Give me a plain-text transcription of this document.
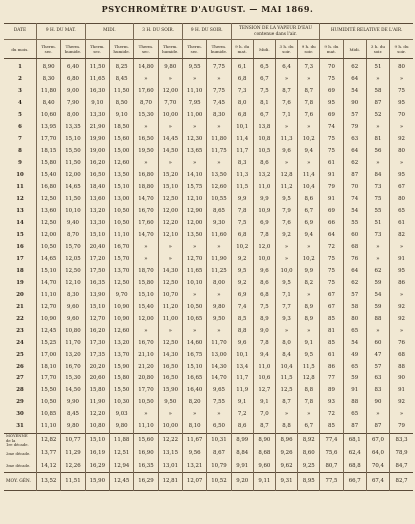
PSYCHROMÈTRE D'AUGUST. — MAI 1869.
DATE	9 H. DU MAT.		MIDI.		3 H. DU SOIR.		9 H. DU SOIR.		TENSION DE LA VAPEUR D'EAU contenue dans l'air.				HUMIDITÉ RELATIVE DE L'AIR.			
du mois.	Therm. sec.	Therm. humide.	Therm. sec.	Therm. humide.	Therm. sec.	Therm. humide.	Therm. sec.	Therm. humide.	9 h. du mat.	Midi.	3 h. du soir.	9 h. du soir.	9 h. du mat.	Midi.	3 h. du soir.	9 h. du soir.
1	8,90	6,40	11,50	8,25	14,80	9,80	9,55	7,75	6,1	6,5	6,4	7,3	70	62	51	80
2	8,30	6,80	11,65	8,45	»	»	»	»	6,8	6,7	»	»	75	64	»	»
3	11,80	9,00	16,30	11,50	17,60	12,00	11,10	7,75	7,3	7,5	8,7	8,7	69	54	58	75
4	8,40	7,90	9,10	8,50	8,70	7,70	7,95	7,45	8,0	8,1	7,6	7,8	95	90	87	95
5	10,60	8,00	13,30	9,10	15,30	10,00	11,00	8,30	6,8	6,7	7,1	7,6	69	57	52	70
6	13,95	13,35	21,90	18,50	»	»	»	»	10,1	13,8	»	»	74	79	»	»
7	17,70	15,10	19,90	15,60	16,50	14,45	12,30	11,80	11,4	10,8	11,3	10,2	75	63	81	92
8	18,15	15,50	19,00	15,00	19,50	14,50	13,65	11,75	11,7	10,5	9,6	9,4	75	64	56	80
9	15,80	11,50	16,20	12,60	»	»	»	»	8,3	8,6	»	»	61	62	»	»
10	15,40	12,00	16,50	13,50	16,80	15,20	14,10	13,50	11,3	13,2	12,8	11,4	91	87	84	95
11	16,80	14,65	18,40	15,10	18,80	15,10	15,75	12,60	11,5	11,0	11,2	10,4	79	70	73	67
12	12,50	11,50	13,60	13,00	14,70	12,50	12,10	10,55	9,9	9,9	9,5	8,6	91	74	75	80
13	13,60	10,10	13,20	10,50	16,70	12,00	12,90	8,65	7,8	10,9	7,9	6,7	69	54	55	65
14	12,50	9,40	13,30	10,50	17,60	12,20	12,00	9,30	7,5	6,9	7,6	6,9	66	55	51	61
15	12,00	8,70	15,10	11,10	14,70	12,10	13,50	11,60	6,8	7,8	9,2	9,4	64	60	73	82
16	10,50	15,70	20,40	16,70	»	»	»	»	10,2	12,0	»	»	72	68	»	»
17	14,65	12,05	17,20	15,70	»	»	12,70	11,90	9,2	10,0	»	10,2	75	76	»	91
18	15,10	12,50	17,50	13,70	18,70	14,30	11,65	11,25	9,5	9,6	10,0	9,9	75	64	62	95
19	14,70	12,10	16,35	12,50	15,80	12,50	10,10	8,00	9,2	8,6	9,5	8,2	75	62	59	86
20	11,10	8,30	13,90	9,70	15,10	10,70	»	»	6,9	6,8	7,1	»	67	57	54	»
21	12,70	9,60	15,10	10,90	15,40	11,20	10,50	9,80	7,4	7,5	7,7	8,9	67	58	59	92
22	10,90	9,60	12,70	10,90	12,00	11,00	10,65	9,50	8,5	8,9	9,3	8,9	85	80	88	92
23	12,45	10,80	16,20	12,60	»	»	»	»	8,8	9,0	»	»	81	65	»	»
24	15,25	11,70	17,30	13,20	16,70	12,50	14,60	11,70	9,6	7,8	8,0	9,1	85	54	60	76
25	17,00	13,20	17,35	13,70	21,10	14,30	16,75	13,00	10,1	9,4	8,4	9,5	61	49	47	68
26	18,10	16,70	20,20	15,90	21,20	16,50	15,10	14,30	13,4	11,0	10,4	11,5	86	65	57	88
27	17,70	15,30	20,60	15,80	20,80	16,50	16,65	14,70	11,7	10,6	11,5	12,8	77	59	63	90
28	15,50	14,50	15,80	15,50	17,70	15,90	16,40	9,65	11,9	12,7	12,5	8,8	89	91	83	91
29	10,50	9,90	11,90	10,30	10,50	9,50	8,20	7,55	9,1	9,1	8,7	7,8	93	88	90	92
30	10,85	8,45	12,20	9,03	»	»	»	»	7,2	7,0	»	»	72	65	»	»
31	11,10	9,80	10,80	9,80	11,10	10,00	8,10	6,50	8,6	8,7	8,8	6,7	85	87	87	79

MOYENNE
de la
1re décade.	12,82	10,77	15,10	11,88	15,60	12,22	11,67	10,31	8,99	8,90	8,96	8,92	77,4	68,1	67,0	83,3
2me décade.	13,77	11,29	16,19	12,51	16,90	13,15	9,56	8,67	8,84	8,68	9,26	8,60	75,6	62,4	64,0	78,9
3me décade.	14,12	12,26	16,29	12,94	16,35	13,01	13,21	10,79	9,91	9,60	9,62	9,25	80,7	68,8	70,4	84,7
MOY. GÉN.	13,52	11,51	15,90	12,45	16,29	12,81	12,07	10,52	9,20	9,11	9,31	8,95	77,5	66,7	67,4	82,7
